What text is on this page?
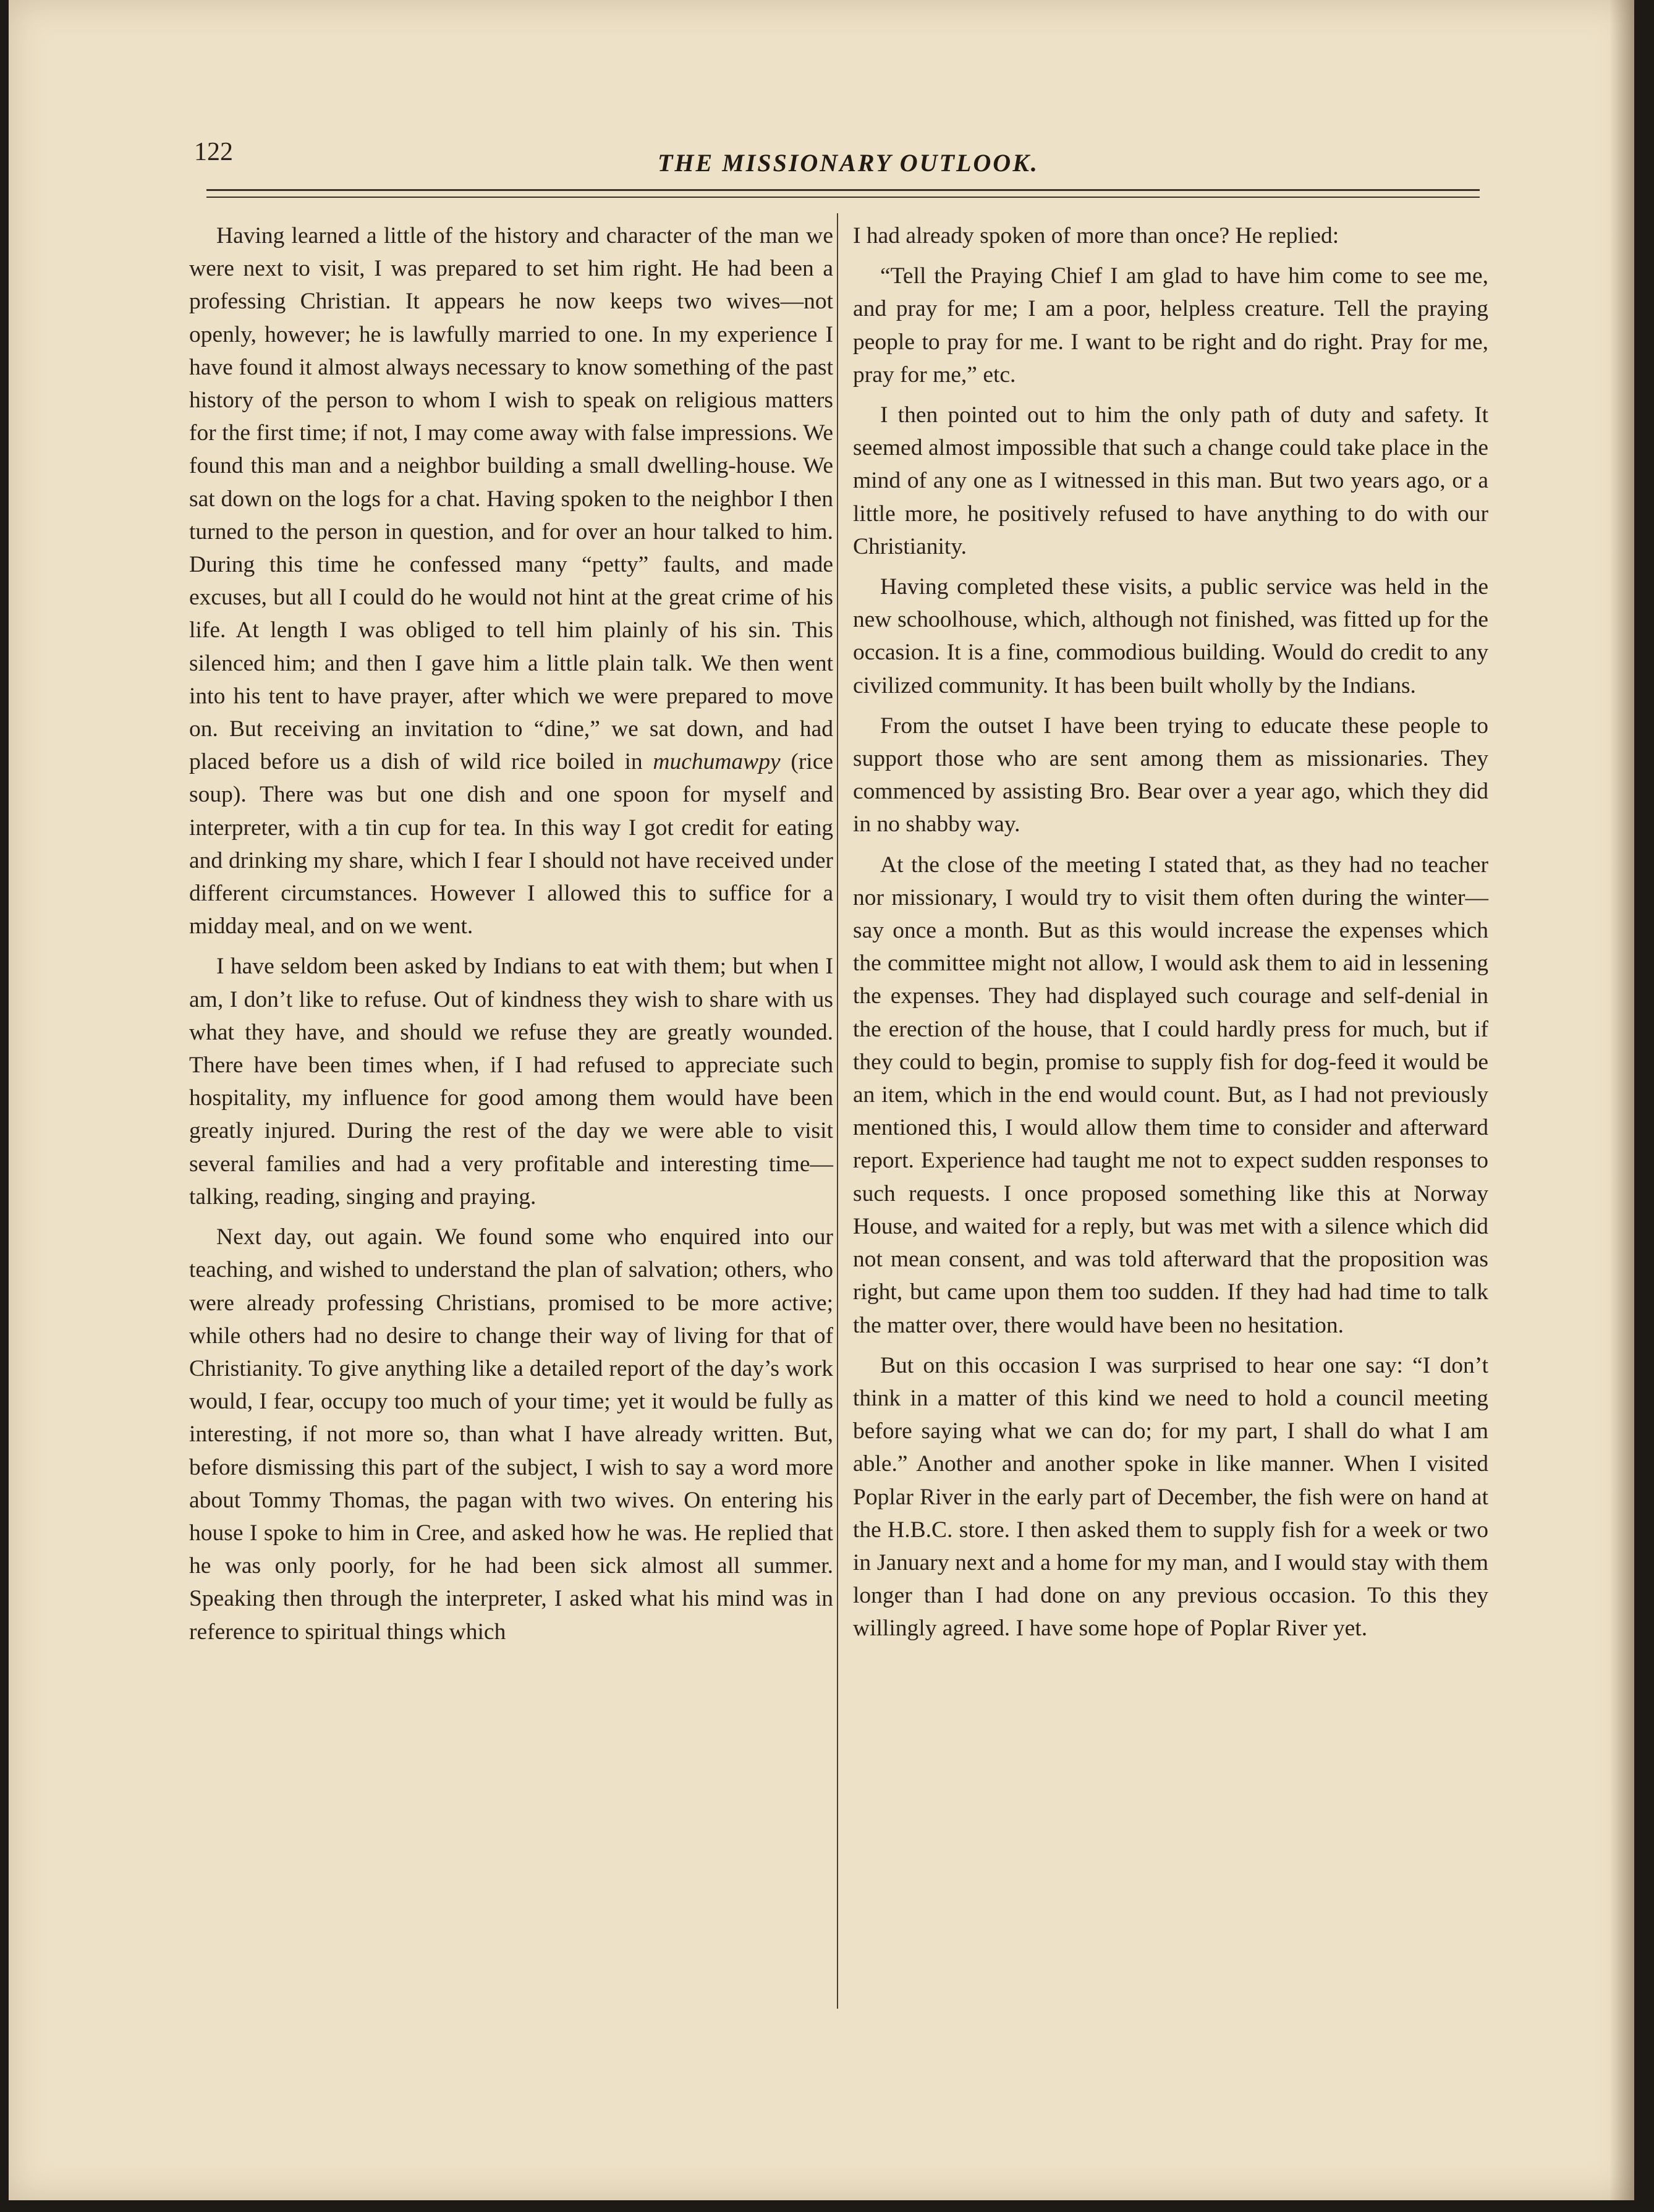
122	THE MISSIONARY OUTLOOK.

Having learned a little of the history and character of the man we were next to visit, I was prepared to set him right. He had been a professing Christian. It appears he now keeps two wives—not openly, however; he is lawfully married to one. In my experience I have found it almost always necessary to know something of the past history of the person to whom I wish to speak on religious matters for the first time; if not, I may come away with false impressions. We found this man and a neighbor building a small dwelling-house. We sat down on the logs for a chat. Having spoken to the neighbor I then turned to the person in question, and for over an hour talked to him. During this time he confessed many “petty” faults, and made excuses, but all I could do he would not hint at the great crime of his life. At length I was obliged to tell him plainly of his sin. This silenced him; and then I gave him a little plain talk. We then went into his tent to have prayer, after which we were prepared to move on. But receiving an invitation to “dine,” we sat down, and had placed before us a dish of wild rice boiled in muchumawpy (rice soup). There was but one dish and one spoon for myself and interpreter, with a tin cup for tea. In this way I got credit for eating and drinking my share, which I fear I should not have received under different circumstances. However I allowed this to suffice for a midday meal, and on we went.

I have seldom been asked by Indians to eat with them; but when I am, I don’t like to refuse. Out of kindness they wish to share with us what they have, and should we refuse they are greatly wounded. There have been times when, if I had refused to appreciate such hospitality, my influence for good among them would have been greatly injured. During the rest of the day we were able to visit several families and had a very profitable and interesting time—talking, reading, singing and praying.

Next day, out again. We found some who enquired into our teaching, and wished to understand the plan of salvation; others, who were already professing Christians, promised to be more active; while others had no desire to change their way of living for that of Christianity. To give anything like a detailed report of the day’s work would, I fear, occupy too much of your time; yet it would be fully as interesting, if not more so, than what I have already written. But, before dismissing this part of the subject, I wish to say a word more about Tommy Thomas, the pagan with two wives. On entering his house I spoke to him in Cree, and asked how he was. He replied that he was only poorly, for he had been sick almost all summer. Speaking then through the interpreter, I asked what his mind was in reference to spiritual things which

I had already spoken of more than once? He replied:

“Tell the Praying Chief I am glad to have him come to see me, and pray for me; I am a poor, helpless creature. Tell the praying people to pray for me. I want to be right and do right. Pray for me, pray for me,” etc.

I then pointed out to him the only path of duty and safety. It seemed almost impossible that such a change could take place in the mind of any one as I witnessed in this man. But two years ago, or a little more, he positively refused to have anything to do with our Christianity.

Having completed these visits, a public service was held in the new schoolhouse, which, although not finished, was fitted up for the occasion. It is a fine, commodious building. Would do credit to any civilized community. It has been built wholly by the Indians.

From the outset I have been trying to educate these people to support those who are sent among them as missionaries. They commenced by assisting Bro. Bear over a year ago, which they did in no shabby way.

At the close of the meeting I stated that, as they had no teacher nor missionary, I would try to visit them often during the winter—say once a month. But as this would increase the expenses which the committee might not allow, I would ask them to aid in lessening the expenses. They had displayed such courage and self-denial in the erection of the house, that I could hardly press for much, but if they could to begin, promise to supply fish for dog-feed it would be an item, which in the end would count. But, as I had not previously mentioned this, I would allow them time to consider and afterward report. Experience had taught me not to expect sudden responses to such requests. I once proposed something like this at Norway House, and waited for a reply, but was met with a silence which did not mean consent, and was told afterward that the proposition was right, but came upon them too sudden. If they had had time to talk the matter over, there would have been no hesitation.

But on this occasion I was surprised to hear one say: “I don’t think in a matter of this kind we need to hold a council meeting before saying what we can do; for my part, I shall do what I am able.” Another and another spoke in like manner. When I visited Poplar River in the early part of December, the fish were on hand at the H.B.C. store. I then asked them to supply fish for a week or two in January next and a home for my man, and I would stay with them longer than I had done on any previous occasion. To this they willingly agreed. I have some hope of Poplar River yet.
